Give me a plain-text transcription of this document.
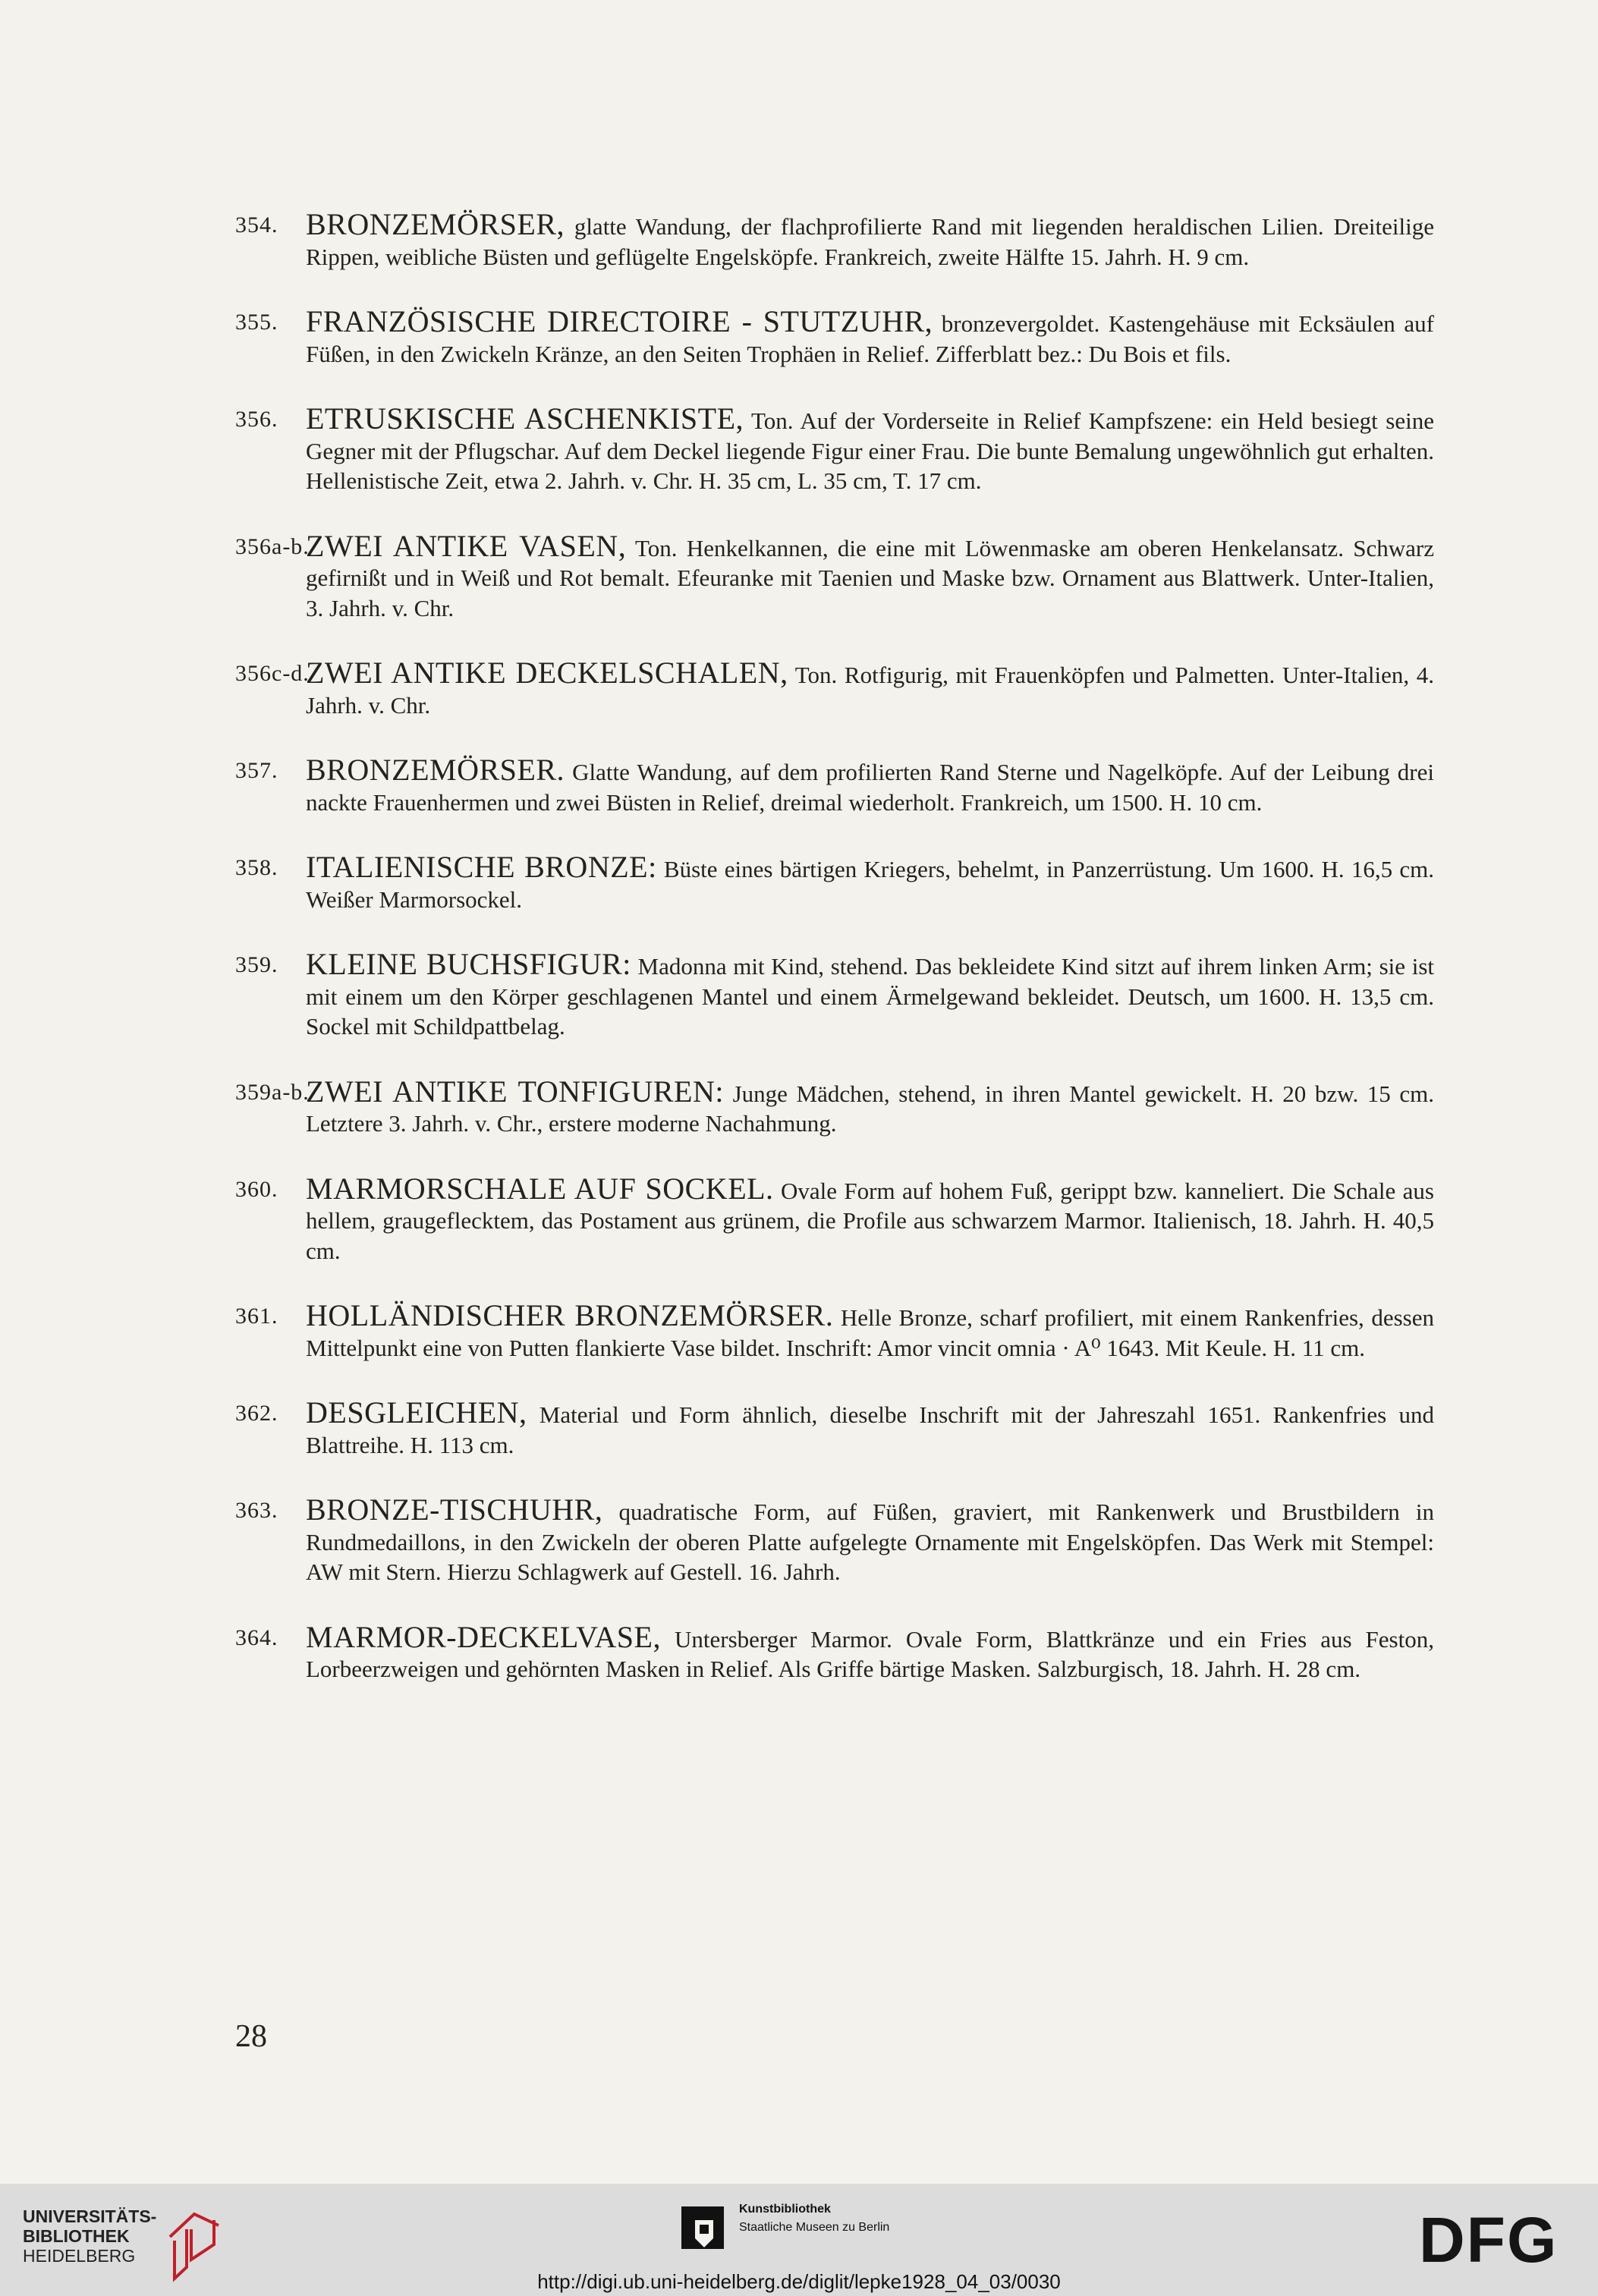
354. BRONZEMÖRSER, glatte Wandung, der flachprofilierte Rand mit liegenden heraldischen Lilien. Dreiteilige Rippen, weibliche Büsten und geflügelte Engelsköpfe. Frankreich, zweite Hälfte 15. Jahrh. H. 9 cm.
355. FRANZÖSISCHE DIRECTOIRE - STUTZUHR, bronzevergoldet. Kastengehäuse mit Ecksäulen auf Füßen, in den Zwickeln Kränze, an den Seiten Trophäen in Relief. Zifferblatt bez.: Du Bois et fils.
356. ETRUSKISCHE ASCHENKISTE, Ton. Auf der Vorderseite in Relief Kampfszene: ein Held besiegt seine Gegner mit der Pflugschar. Auf dem Deckel liegende Figur einer Frau. Die bunte Bemalung ungewöhnlich gut erhalten. Hellenistische Zeit, etwa 2. Jahrh. v. Chr. H. 35 cm, L. 35 cm, T. 17 cm.
356a-b.
ZWEI ANTIKE VASEN, Ton. Henkelkannen, die eine mit Löwenmaske am oberen Henkelansatz. Schwarz gefirnißt und in Weiß und Rot bemalt. Efeuranke mit Taenien und Maske bzw. Ornament aus Blattwerk. Unter-Italien, 3. Jahrh. v. Chr.
356c-d.
ZWEI ANTIKE DECKELSCHALEN, Ton. Rotfigurig, mit Frauenköpfen und Palmetten. Unter-Italien, 4. Jahrh. v. Chr.
357. BRONZEMÖRSER. Glatte Wandung, auf dem profilierten Rand Sterne und Nagelköpfe. Auf der Leibung drei nackte Frauenhermen und zwei Büsten in Relief, dreimal wiederholt. Frankreich, um 1500. H. 10 cm.
358. ITALIENISCHE BRONZE: Büste eines bärtigen Kriegers, behelmt, in Panzerrüstung. Um 1600. H. 16,5 cm. Weißer Marmorsockel.
359. KLEINE BUCHSFIGUR: Madonna mit Kind, stehend. Das bekleidete Kind sitzt auf ihrem linken Arm; sie ist mit einem um den Körper geschlagenen Mantel und einem Ärmelgewand bekleidet. Deutsch, um 1600. H. 13,5 cm. Sockel mit Schildpattbelag.
359a-b.
ZWEI ANTIKE TONFIGUREN: Junge Mädchen, stehend, in ihren Mantel gewickelt. H. 20 bzw. 15 cm. Letztere 3. Jahrh. v. Chr., erstere moderne Nachahmung.
360. MARMORSCHALE AUF SOCKEL. Ovale Form auf hohem Fuß, gerippt bzw. kanneliert. Die Schale aus hellem, graugeflecktem, das Postament aus grünem, die Profile aus schwarzem Marmor. Italienisch, 18. Jahrh. H. 40,5 cm.
361. HOLLÄNDISCHER BRONZEMÖRSER. Helle Bronze, scharf profiliert, mit einem Rankenfries, dessen Mittelpunkt eine von Putten flankierte Vase bildet. Inschrift: Amor vincit omnia · A⁰ 1643. Mit Keule. H. 11 cm.
362. DESGLEICHEN, Material und Form ähnlich, dieselbe Inschrift mit der Jahreszahl 1651. Rankenfries und Blattreihe. H. 113 cm.
363. BRONZE-TISCHUHR, quadratische Form, auf Füßen, graviert, mit Rankenwerk und Brustbildern in Rundmedaillons, in den Zwickeln der oberen Platte aufgelegte Ornamente mit Engelsköpfen. Das Werk mit Stempel: AW mit Stern. Hierzu Schlagwerk auf Gestell. 16. Jahrh.
364. MARMOR-DECKELVASE, Untersberger Marmor. Ovale Form, Blattkränze und ein Fries aus Feston, Lorbeerzweigen und gehörnten Masken in Relief. Als Griffe bärtige Masken. Salzburgisch, 18. Jahrh. H. 28 cm.
28
UNIVERSITÄTS-
BIBLIOTHEK
HEIDELBERG
Kunstbibliothek
Staatliche Museen zu Berlin	DFG
http://digi.ub.uni-heidelberg.de/diglit/lepke1928_04_03/0030
